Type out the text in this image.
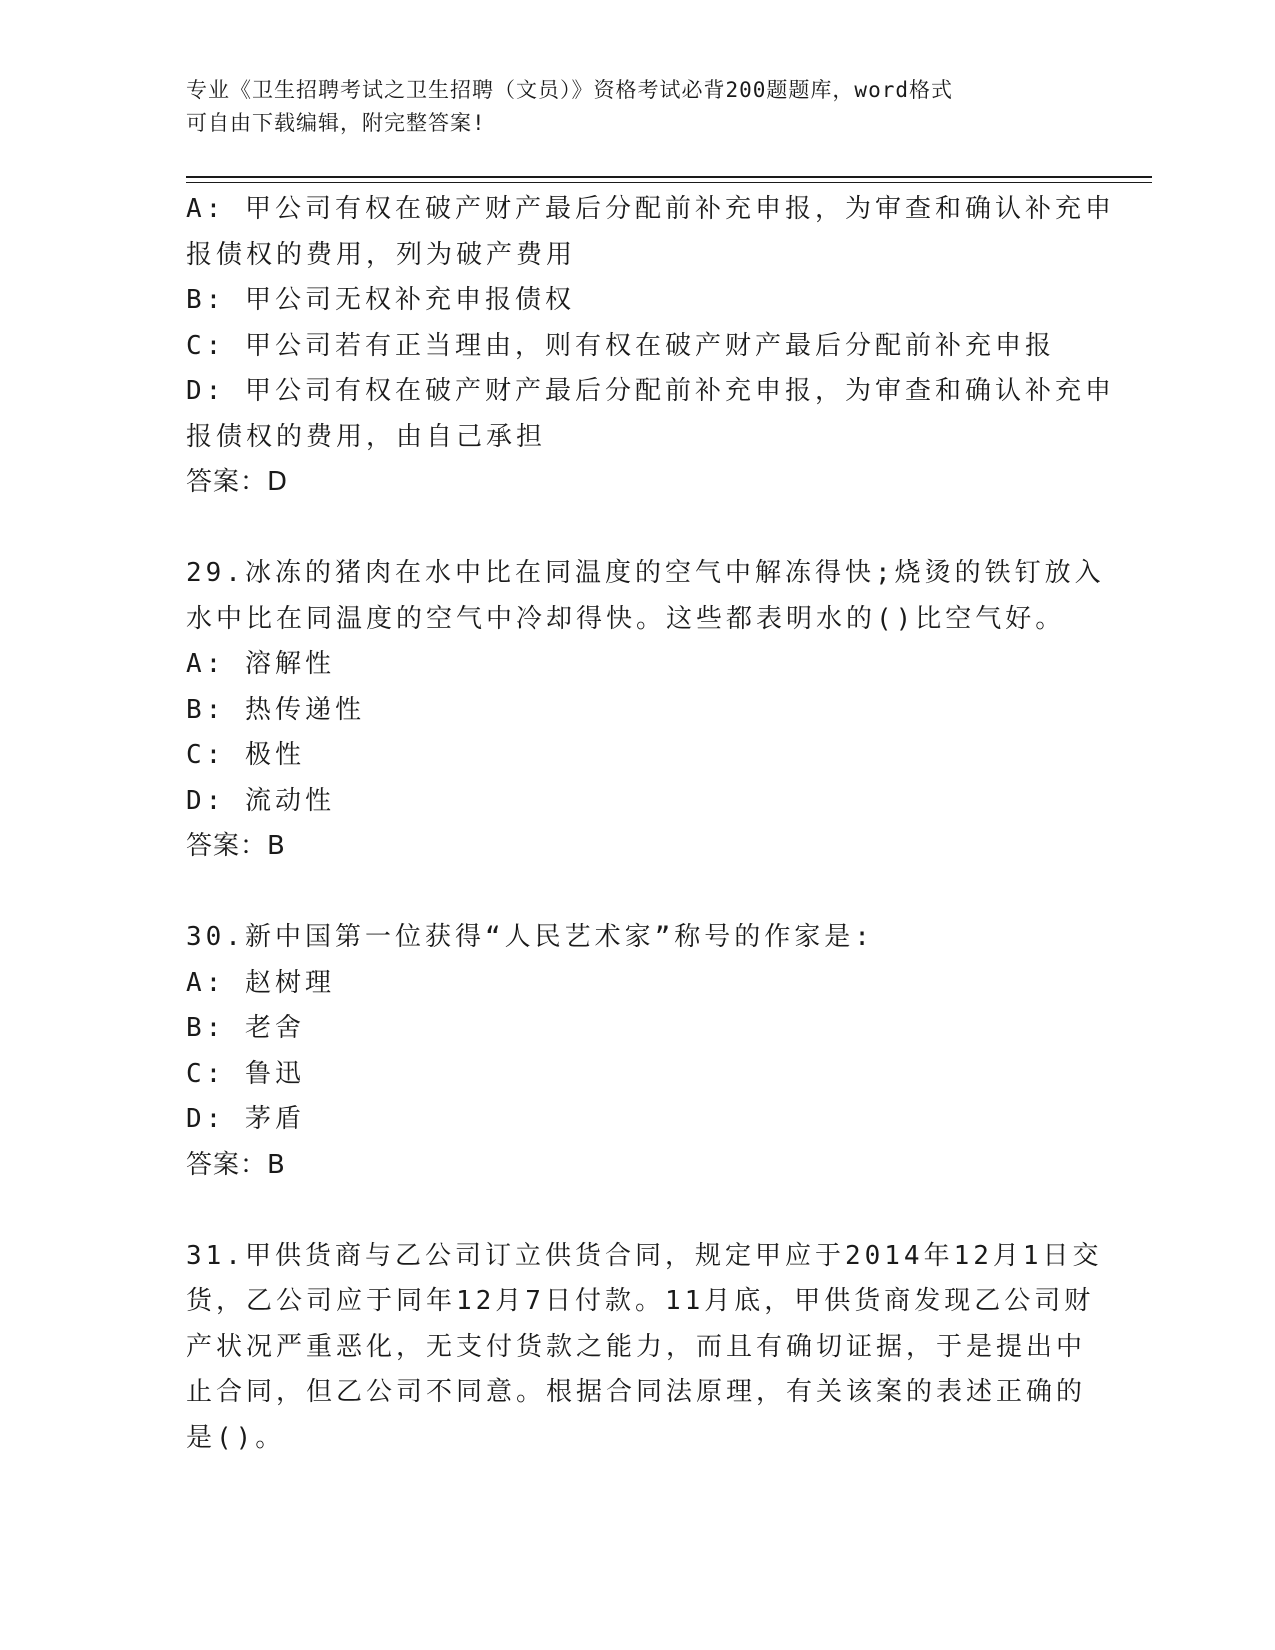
专业《卫生招聘考试之卫生招聘（文员）》资格考试必背200题题库，word格式
可自由下载编辑，附完整答案!
A: 甲公司有权在破产财产最后分配前补充申报，为审查和确认补充申
报债权的费用，列为破产费用
B: 甲公司无权补充申报债权
C: 甲公司若有正当理由，则有权在破产财产最后分配前补充申报
D: 甲公司有权在破产财产最后分配前补充申报，为审查和确认补充申
报债权的费用，由自己承担
答案：D
29.冰冻的猪肉在水中比在同温度的空气中解冻得快;烧烫的铁钉放入
水中比在同温度的空气中冷却得快。这些都表明水的()比空气好。
A: 溶解性
B: 热传递性
C: 极性
D: 流动性
答案：B
30.新中国第一位获得“人民艺术家”称号的作家是:
A: 赵树理
B: 老舍
C: 鲁迅
D: 茅盾
答案：B
31.甲供货商与乙公司订立供货合同，规定甲应于2014年12月1日交
货，乙公司应于同年12月7日付款。11月底，甲供货商发现乙公司财
产状况严重恶化，无支付货款之能力，而且有确切证据，于是提出中
止合同，但乙公司不同意。根据合同法原理，有关该案的表述正确的
是()。
